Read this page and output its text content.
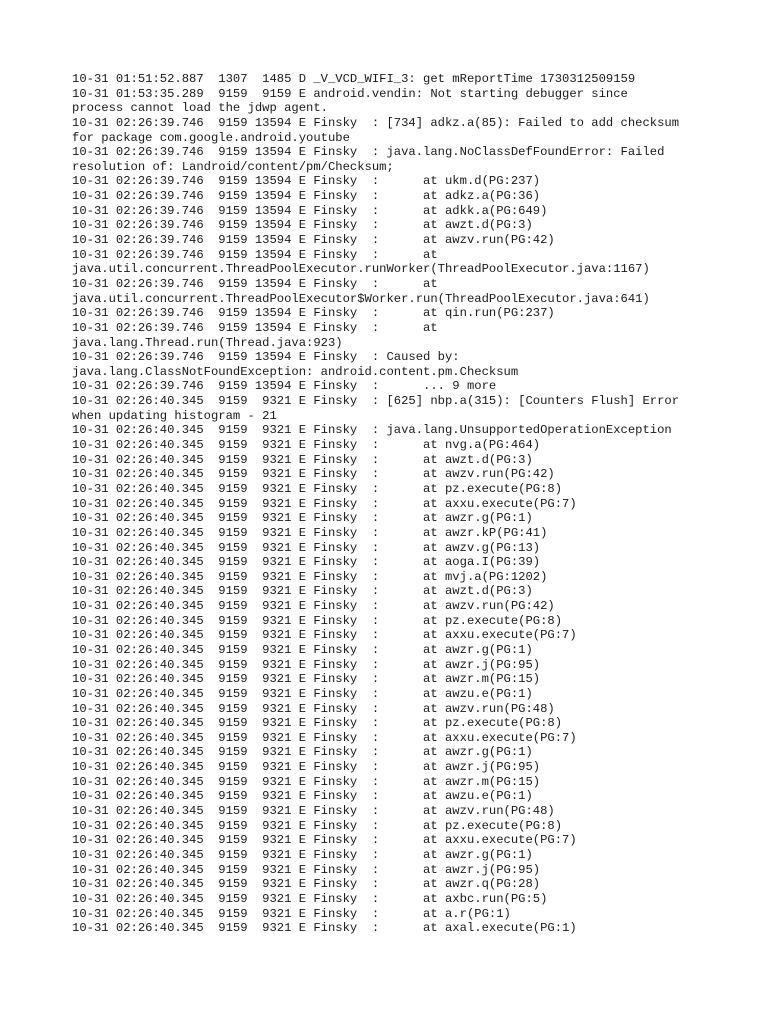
10-31 01:51:52.887  1307  1485 D _V_VCD_WIFI_3: get mReportTime 1730312509159
10-31 01:53:35.289  9159  9159 E android.vendin: Not starting debugger since
process cannot load the jdwp agent.
10-31 02:26:39.746  9159 13594 E Finsky  : [734] adkz.a(85): Failed to add checksum
for package com.google.android.youtube
10-31 02:26:39.746  9159 13594 E Finsky  : java.lang.NoClassDefFoundError: Failed
resolution of: Landroid/content/pm/Checksum;
10-31 02:26:39.746  9159 13594 E Finsky  :      at ukm.d(PG:237)
10-31 02:26:39.746  9159 13594 E Finsky  :      at adkz.a(PG:36)
10-31 02:26:39.746  9159 13594 E Finsky  :      at adkk.a(PG:649)
10-31 02:26:39.746  9159 13594 E Finsky  :      at awzt.d(PG:3)
10-31 02:26:39.746  9159 13594 E Finsky  :      at awzv.run(PG:42)
10-31 02:26:39.746  9159 13594 E Finsky  :      at
java.util.concurrent.ThreadPoolExecutor.runWorker(ThreadPoolExecutor.java:1167)
10-31 02:26:39.746  9159 13594 E Finsky  :      at
java.util.concurrent.ThreadPoolExecutor$Worker.run(ThreadPoolExecutor.java:641)
10-31 02:26:39.746  9159 13594 E Finsky  :      at qin.run(PG:237)
10-31 02:26:39.746  9159 13594 E Finsky  :      at
java.lang.Thread.run(Thread.java:923)
10-31 02:26:39.746  9159 13594 E Finsky  : Caused by:
java.lang.ClassNotFoundException: android.content.pm.Checksum
10-31 02:26:39.746  9159 13594 E Finsky  :      ... 9 more
10-31 02:26:40.345  9159  9321 E Finsky  : [625] nbp.a(315): [Counters Flush] Error
when updating histogram - 21
10-31 02:26:40.345  9159  9321 E Finsky  : java.lang.UnsupportedOperationException
10-31 02:26:40.345  9159  9321 E Finsky  :      at nvg.a(PG:464)
10-31 02:26:40.345  9159  9321 E Finsky  :      at awzt.d(PG:3)
10-31 02:26:40.345  9159  9321 E Finsky  :      at awzv.run(PG:42)
10-31 02:26:40.345  9159  9321 E Finsky  :      at pz.execute(PG:8)
10-31 02:26:40.345  9159  9321 E Finsky  :      at axxu.execute(PG:7)
10-31 02:26:40.345  9159  9321 E Finsky  :      at awzr.g(PG:1)
10-31 02:26:40.345  9159  9321 E Finsky  :      at awzr.kP(PG:41)
10-31 02:26:40.345  9159  9321 E Finsky  :      at awzv.g(PG:13)
10-31 02:26:40.345  9159  9321 E Finsky  :      at aoga.I(PG:39)
10-31 02:26:40.345  9159  9321 E Finsky  :      at mvj.a(PG:1202)
10-31 02:26:40.345  9159  9321 E Finsky  :      at awzt.d(PG:3)
10-31 02:26:40.345  9159  9321 E Finsky  :      at awzv.run(PG:42)
10-31 02:26:40.345  9159  9321 E Finsky  :      at pz.execute(PG:8)
10-31 02:26:40.345  9159  9321 E Finsky  :      at axxu.execute(PG:7)
10-31 02:26:40.345  9159  9321 E Finsky  :      at awzr.g(PG:1)
10-31 02:26:40.345  9159  9321 E Finsky  :      at awzr.j(PG:95)
10-31 02:26:40.345  9159  9321 E Finsky  :      at awzr.m(PG:15)
10-31 02:26:40.345  9159  9321 E Finsky  :      at awzu.e(PG:1)
10-31 02:26:40.345  9159  9321 E Finsky  :      at awzv.run(PG:48)
10-31 02:26:40.345  9159  9321 E Finsky  :      at pz.execute(PG:8)
10-31 02:26:40.345  9159  9321 E Finsky  :      at axxu.execute(PG:7)
10-31 02:26:40.345  9159  9321 E Finsky  :      at awzr.g(PG:1)
10-31 02:26:40.345  9159  9321 E Finsky  :      at awzr.j(PG:95)
10-31 02:26:40.345  9159  9321 E Finsky  :      at awzr.m(PG:15)
10-31 02:26:40.345  9159  9321 E Finsky  :      at awzu.e(PG:1)
10-31 02:26:40.345  9159  9321 E Finsky  :      at awzv.run(PG:48)
10-31 02:26:40.345  9159  9321 E Finsky  :      at pz.execute(PG:8)
10-31 02:26:40.345  9159  9321 E Finsky  :      at axxu.execute(PG:7)
10-31 02:26:40.345  9159  9321 E Finsky  :      at awzr.g(PG:1)
10-31 02:26:40.345  9159  9321 E Finsky  :      at awzr.j(PG:95)
10-31 02:26:40.345  9159  9321 E Finsky  :      at awzr.q(PG:28)
10-31 02:26:40.345  9159  9321 E Finsky  :      at axbc.run(PG:5)
10-31 02:26:40.345  9159  9321 E Finsky  :      at a.r(PG:1)
10-31 02:26:40.345  9159  9321 E Finsky  :      at axal.execute(PG:1)
